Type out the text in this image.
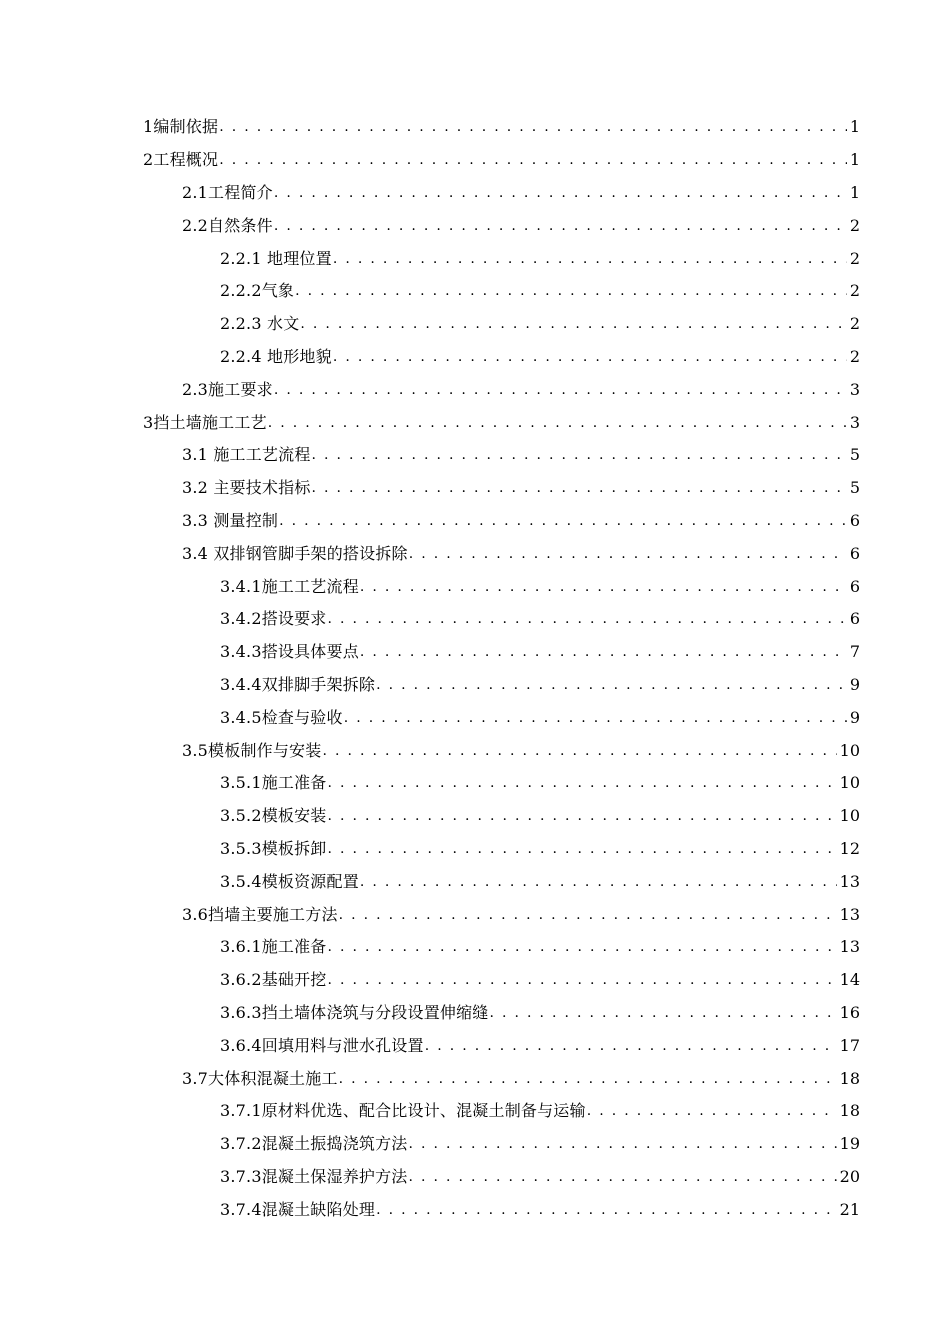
1编制依据 . . .	1
2工程概况 . . .	1
2.1工程简介 . . .	1
2.2自然条件 . . .	2
2.2.1 地理位置 . . .	2
2.2.2气象 . . .	2
2.2.3 水文 . . .	2
2.2.4 地形地貌 . . .	2
2.3施工要求 . . .	3
3挡土墙施工工艺 . . .	3
3.1 施工工艺流程 . . .	5
3.2 主要技术指标 . . .	5
3.3 测量控制 . . .	6
3.4 双排钢管脚手架的搭设拆除 . . .	6
3.4.1施工工艺流程 . . .	6
3.4.2搭设要求 . . .	6
3.4.3搭设具体要点 . . .	7
3.4.4双排脚手架拆除 . . .	9
3.4.5检查与验收 . . .	9
3.5模板制作与安装 . . .	10
3.5.1施工准备 . . .	10
3.5.2模板安装 . . .	10
3.5.3模板拆卸 . . .	12
3.5.4模板资源配置 . . .	13
3.6挡墙主要施工方法 . . .	13
3.6.1施工准备 . . .	13
3.6.2基础开挖 . . .	14
3.6.3挡土墙体浇筑与分段设置伸缩缝 . . .	16
3.6.4回填用料与泄水孔设置 . . .	17
3.7大体积混凝土施工 . . .	18
3.7.1原材料优选、配合比设计、混凝土制备与运输 . . .	18
3.7.2混凝土振捣浇筑方法 . . .	19
3.7.3混凝土保湿养护方法 . . .	20
3.7.4混凝土缺陷处理 . . .	21
